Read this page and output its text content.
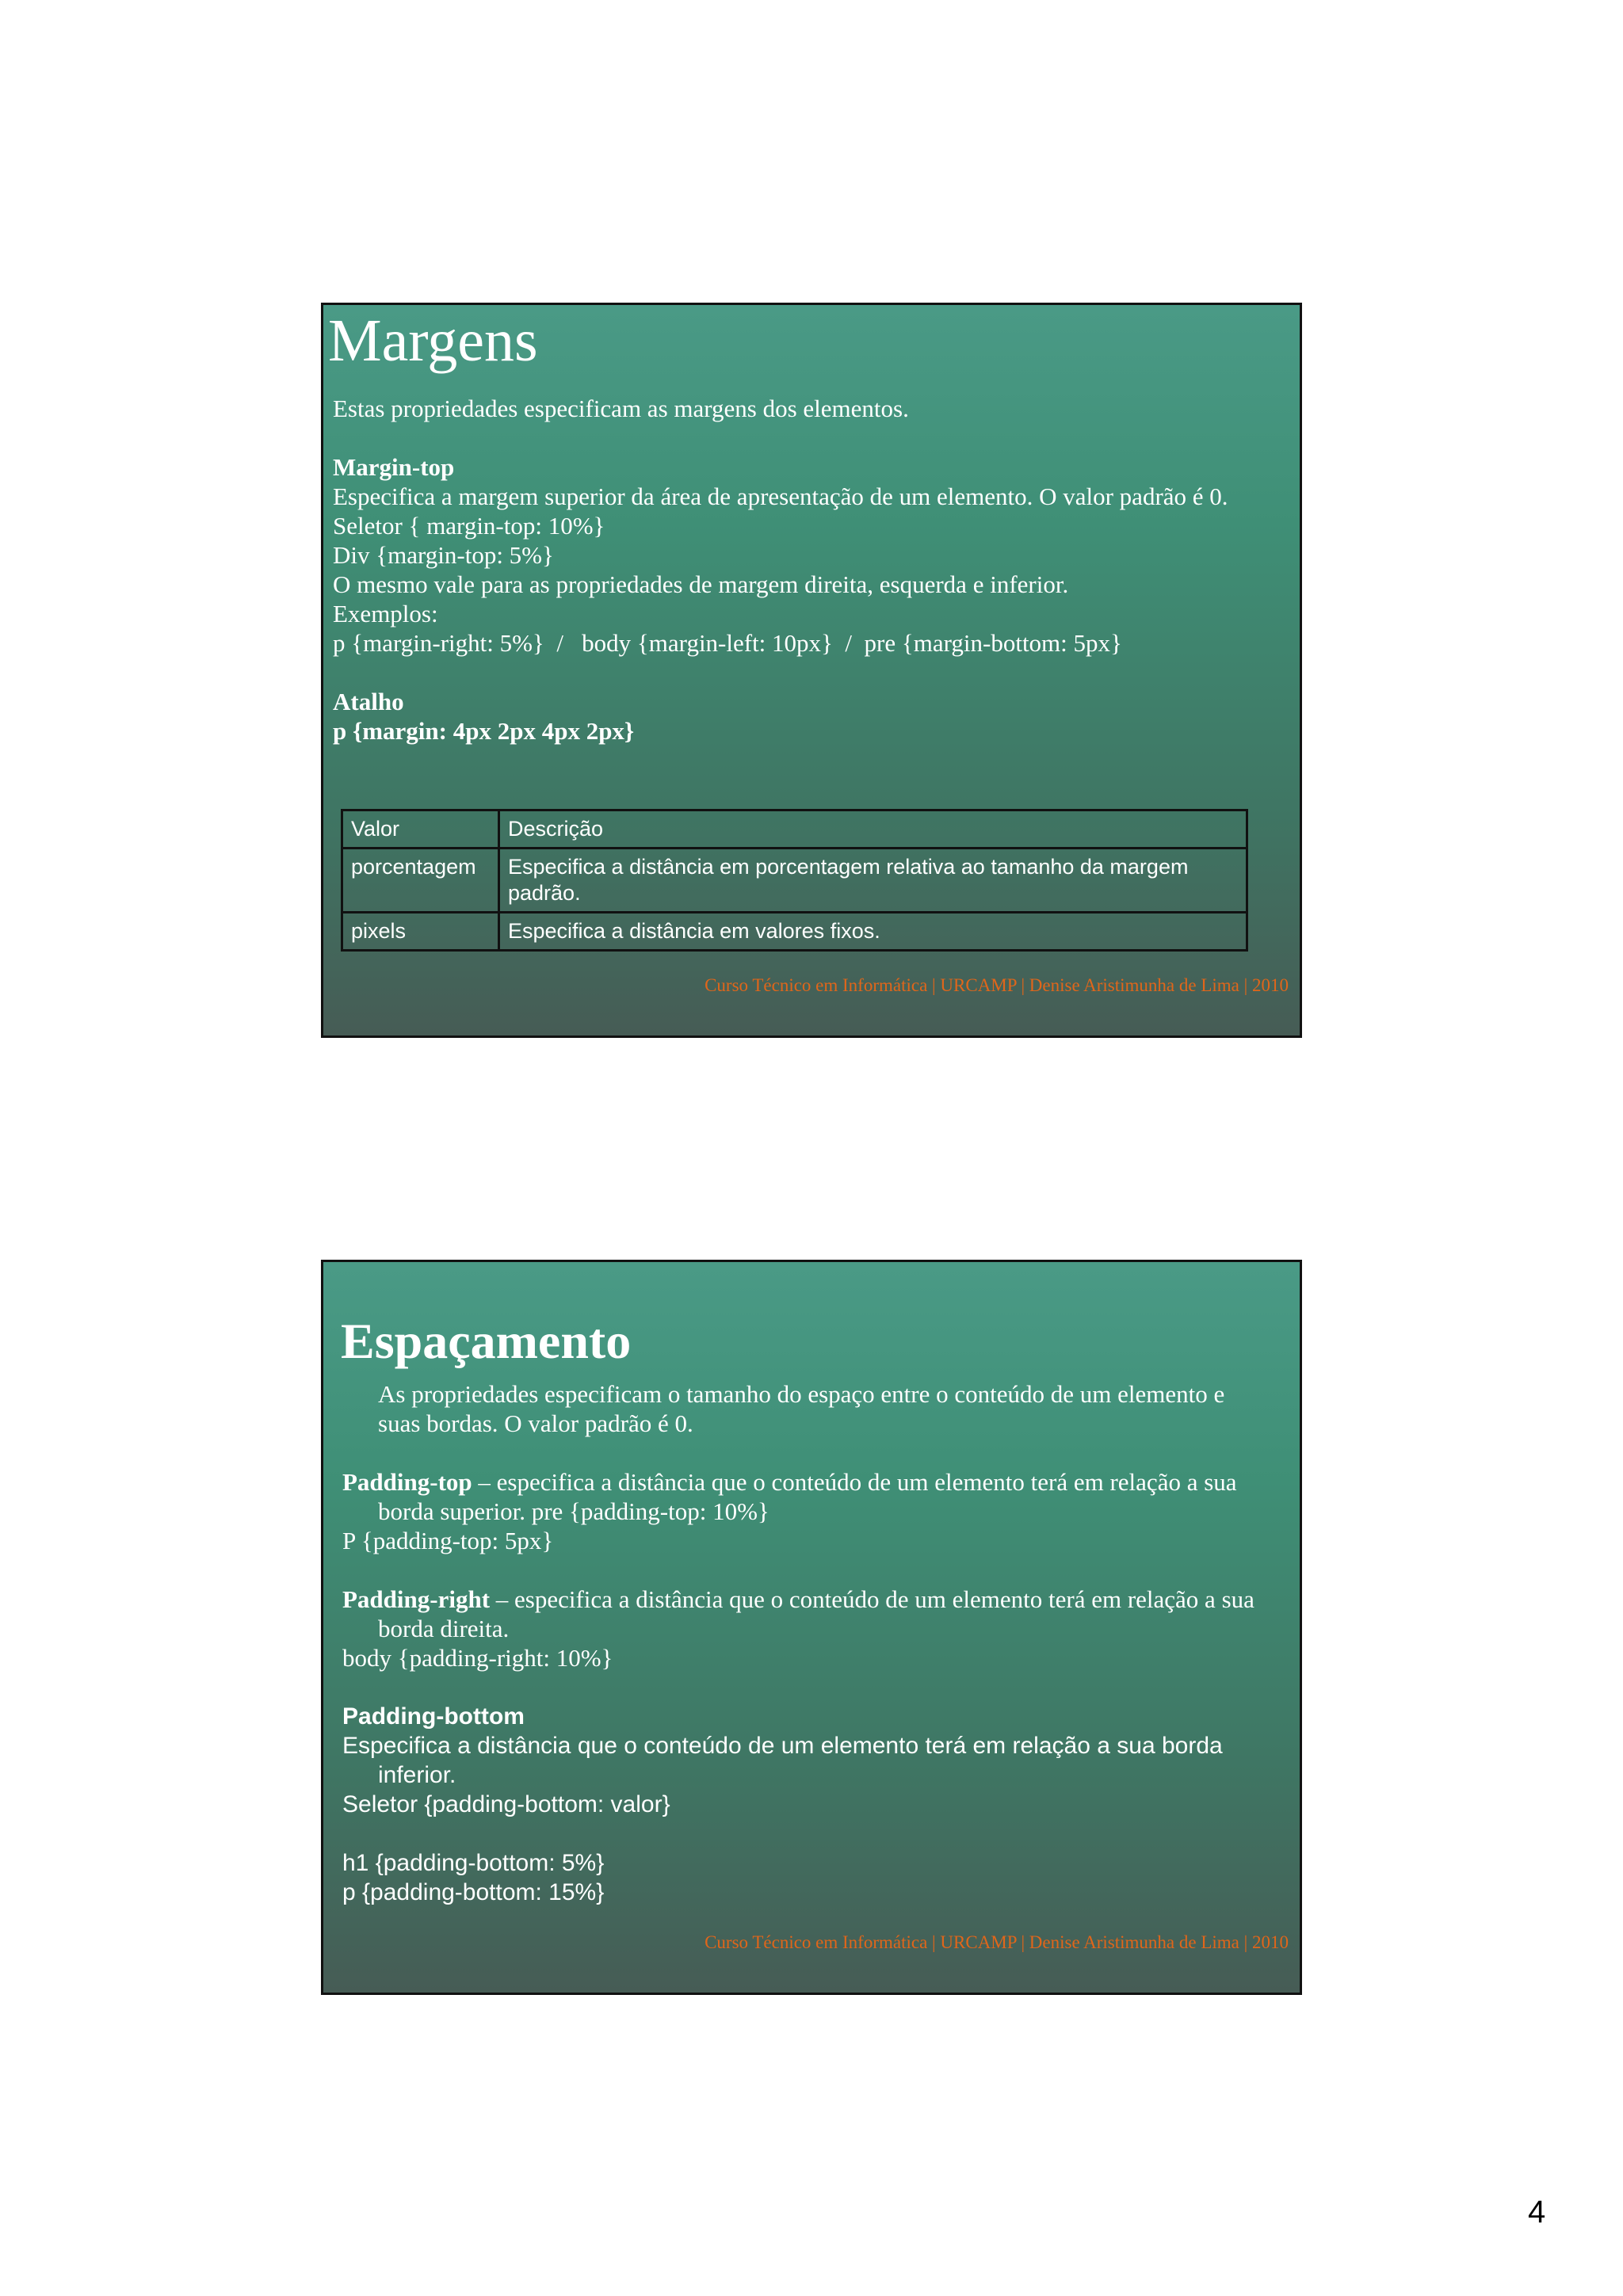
Margens

Estas propriedades especificam as margens dos elementos.

Margin-top

Especifica a margem superior da área de apresentação de um elemento. O valor padrão é 0.

Seletor { margin-top: 10%}

Div {margin-top: 5%}

O mesmo vale para as propriedades de margem direita, esquerda e inferior.

Exemplos:

p {margin-right: 5%}  /   body {margin-left: 10px}  /  pre {margin-bottom: 5px}

Atalho

p {margin: 4px 2px 4px 2px}

Valor	Descrição
porcentagem	Especifica a distância em porcentagem relativa ao tamanho da margem padrão.
pixels	Especifica a distância em valores fixos.
Curso Técnico em Informática | URCAMP | Denise Aristimunha de Lima | 2010
Espaçamento

As propriedades especificam o tamanho do espaço entre o conteúdo de um elemento e suas bordas. O valor padrão é 0.

Padding-top – especifica a distância que o conteúdo de um elemento terá em relação a sua borda superior. pre {padding-top: 10%}

P {padding-top: 5px}

Padding-right – especifica a distância que o conteúdo de um elemento terá em relação a sua borda direita.

body {padding-right: 10%}

Padding-bottom

Especifica a distância que o conteúdo de um elemento terá em relação a sua borda inferior.

Seletor {padding-bottom: valor}

h1 {padding-bottom: 5%}

p {padding-bottom: 15%}

Curso Técnico em Informática | URCAMP | Denise Aristimunha de Lima | 2010
4
